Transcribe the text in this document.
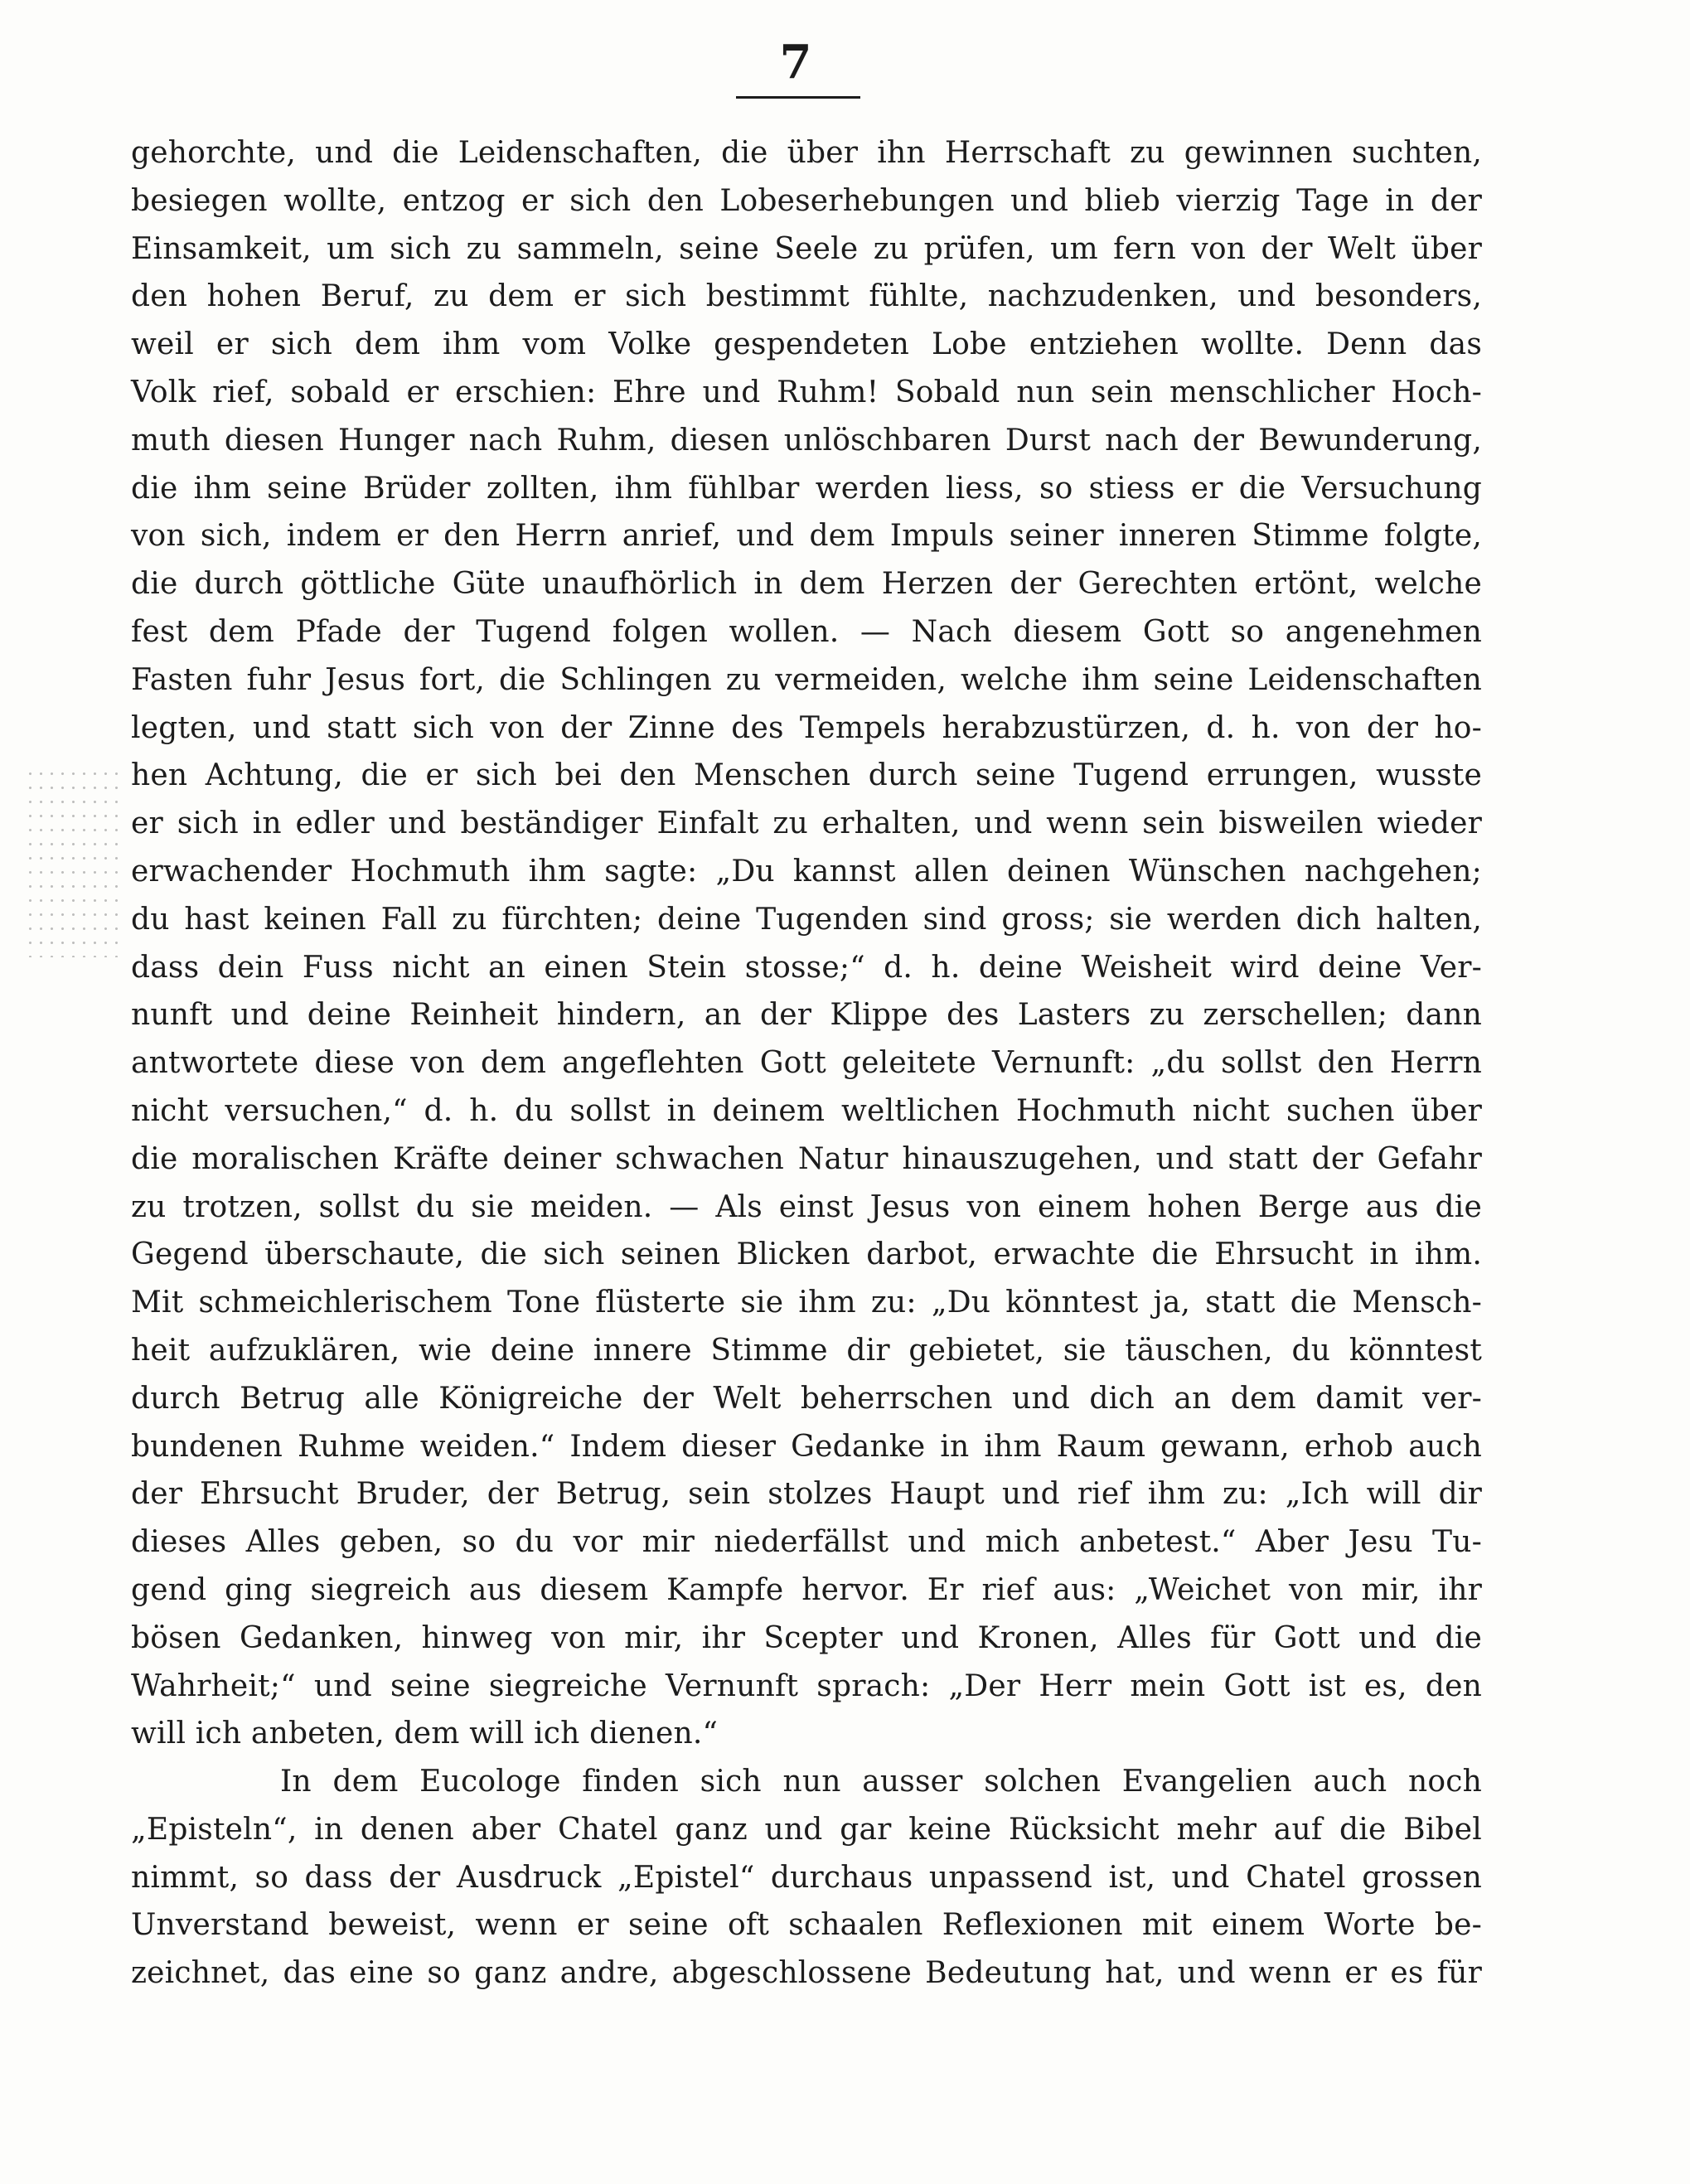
7
gehorchte, und die Leidenschaften, die über ihn Herrschaft zu gewinnen suchten,
besiegen wollte, entzog er sich den Lobeserhebungen und blieb vierzig Tage in der
Einsamkeit, um sich zu sammeln, seine Seele zu prüfen, um fern von der Welt über
den hohen Beruf, zu dem er sich bestimmt fühlte, nachzudenken, und besonders,
weil er sich dem ihm vom Volke gespendeten Lobe entziehen wollte. Denn das
Volk rief, sobald er erschien: Ehre und Ruhm! Sobald nun sein menschlicher Hoch-
muth diesen Hunger nach Ruhm, diesen unlöschbaren Durst nach der Bewunderung,
die ihm seine Brüder zollten, ihm fühlbar werden liess, so stiess er die Versuchung
von sich, indem er den Herrn anrief, und dem Impuls seiner inneren Stimme folgte,
die durch göttliche Güte unaufhörlich in dem Herzen der Gerechten ertönt, welche
fest dem Pfade der Tugend folgen wollen. — Nach diesem Gott so angenehmen
Fasten fuhr Jesus fort, die Schlingen zu vermeiden, welche ihm seine Leidenschaften
legten, und statt sich von der Zinne des Tempels herabzustürzen, d. h. von der ho-
hen Achtung, die er sich bei den Menschen durch seine Tugend errungen, wusste
er sich in edler und beständiger Einfalt zu erhalten, und wenn sein bisweilen wieder
erwachender Hochmuth ihm sagte: „Du kannst allen deinen Wünschen nachgehen;
du hast keinen Fall zu fürchten; deine Tugenden sind gross; sie werden dich halten,
dass dein Fuss nicht an einen Stein stosse;“ d. h. deine Weisheit wird deine Ver-
nunft und deine Reinheit hindern, an der Klippe des Lasters zu zerschellen; dann
antwortete diese von dem angeflehten Gott geleitete Vernunft: „du sollst den Herrn
nicht versuchen,“ d. h. du sollst in deinem weltlichen Hochmuth nicht suchen über
die moralischen Kräfte deiner schwachen Natur hinauszugehen, und statt der Gefahr
zu trotzen, sollst du sie meiden. — Als einst Jesus von einem hohen Berge aus die
Gegend überschaute, die sich seinen Blicken darbot, erwachte die Ehrsucht in ihm.
Mit schmeichlerischem Tone flüsterte sie ihm zu: „Du könntest ja, statt die Mensch-
heit aufzuklären, wie deine innere Stimme dir gebietet, sie täuschen, du könntest
durch Betrug alle Königreiche der Welt beherrschen und dich an dem damit ver-
bundenen Ruhme weiden.“ Indem dieser Gedanke in ihm Raum gewann, erhob auch
der Ehrsucht Bruder, der Betrug, sein stolzes Haupt und rief ihm zu: „Ich will dir
dieses Alles geben, so du vor mir niederfällst und mich anbetest.“ Aber Jesu Tu-
gend ging siegreich aus diesem Kampfe hervor. Er rief aus: „Weichet von mir, ihr
bösen Gedanken, hinweg von mir, ihr Scepter und Kronen, Alles für Gott und die
Wahrheit;“ und seine siegreiche Vernunft sprach: „Der Herr mein Gott ist es, den
will ich anbeten, dem will ich dienen.“
In dem Eucologe finden sich nun ausser solchen Evangelien auch noch
„Episteln“, in denen aber Chatel ganz und gar keine Rücksicht mehr auf die Bibel
nimmt, so dass der Ausdruck „Epistel“ durchaus unpassend ist, und Chatel grossen
Unverstand beweist, wenn er seine oft schaalen Reflexionen mit einem Worte be-
zeichnet, das eine so ganz andre, abgeschlossene Bedeutung hat, und wenn er es für
